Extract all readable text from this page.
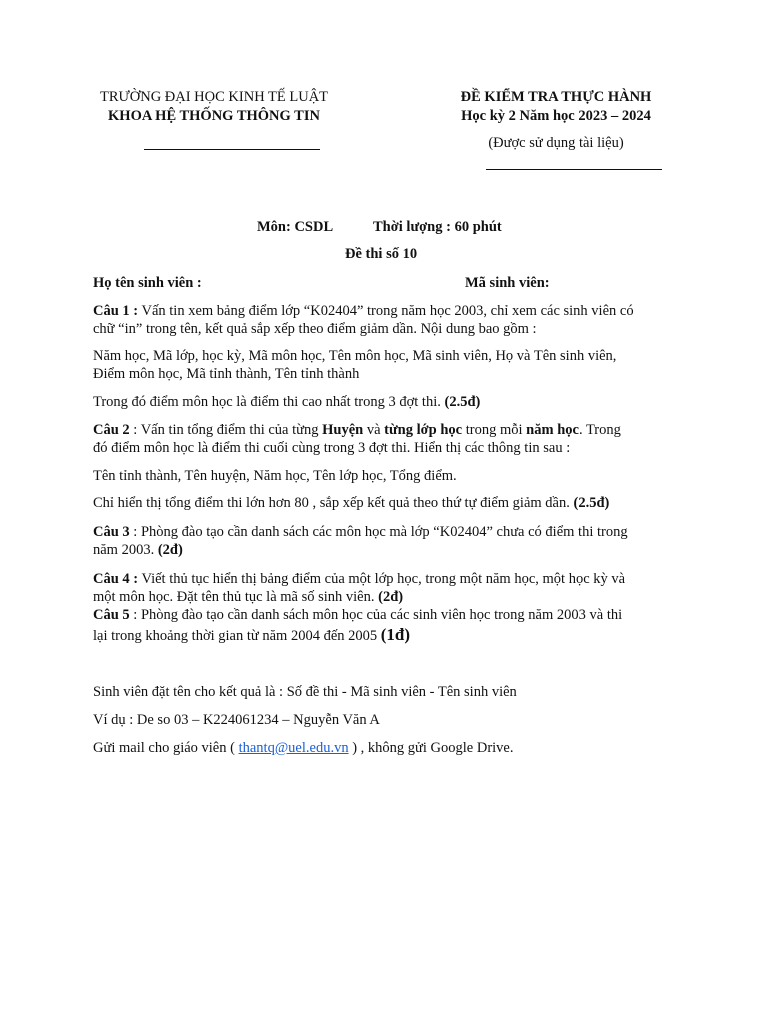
TRƯỜNG ĐẠI HỌC KINH TẾ LUẬT
KHOA HỆ THỐNG THÔNG TIN
ĐỀ KIỂM TRA THỰC HÀNH
Học kỳ 2 Năm học 2023 – 2024
(Được sử dụng tài liệu)
Môn: CSDL	Thời lượng : 60 phút
Đề thi số 10
Họ tên sinh viên :	Mã sinh viên:
Câu 1 : Vấn tin xem bảng điểm lớp “K02404” trong năm học 2003, chỉ xem các sinh viên có
chữ “in” trong tên, kết quả sắp xếp theo điểm giảm dần. Nội dung bao gồm :
Năm học, Mã lớp, học kỳ, Mã môn học, Tên môn học, Mã sinh viên, Họ và Tên sinh viên,
Điểm môn học, Mã tỉnh thành, Tên tỉnh thành
Trong đó điểm môn học là điểm thi cao nhất trong 3 đợt thi. (2.5đ)
Câu 2 : Vấn tin tổng điểm thi của từng Huyện và từng lớp học trong mỗi năm học. Trong
đó điểm môn học là điểm thi cuối cùng trong 3 đợt thi. Hiển thị các thông tin sau :
Tên tỉnh thành, Tên huyện, Năm học, Tên lớp học, Tổng điểm.
Chỉ hiển thị tổng điểm thi lớn hơn 80 , sắp xếp kết quả theo thứ tự điểm giảm dần. (2.5đ)
Câu 3 : Phòng đào tạo cần danh sách các môn học mà lớp “K02404” chưa có điểm thi trong
năm 2003. (2đ)
Câu 4 : Viết thủ tục hiển thị bảng điểm của một lớp học, trong một năm học, một học kỳ và
một môn học. Đặt tên thủ tục là mã số sinh viên. (2đ)
Câu 5 : Phòng đào tạo cần danh sách môn học của các sinh viên học trong năm 2003 và thi
lại trong khoảng thời gian từ năm 2004 đến 2005 (1đ)
Sinh viên đặt tên cho kết quả là : Số đề thi - Mã sinh viên - Tên sinh viên
Ví dụ : De so 03 – K224061234 – Nguyễn Văn A
Gửi mail cho giáo viên ( thantq@uel.edu.vn ) , không gửi Google Drive.
